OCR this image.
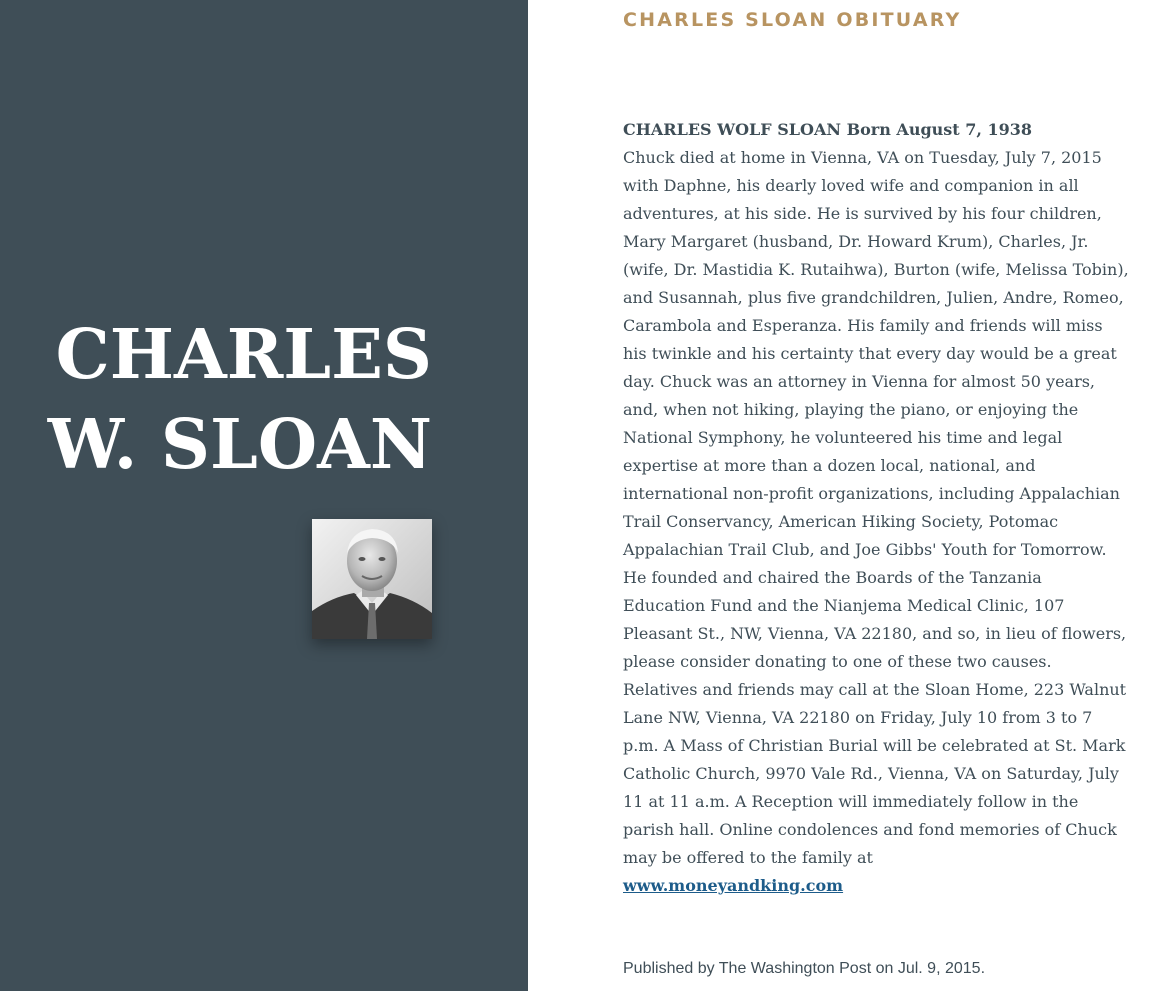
CHARLES
W. SLOAN
CHARLES SLOAN OBITUARY
CHARLES WOLF SLOAN Born August 7, 1938
Chuck died at home in Vienna, VA on Tuesday, July 7, 2015 with Daphne, his dearly loved wife and companion in all adventures, at his side. He is survived by his four children, Mary Margaret (husband, Dr. Howard Krum), Charles, Jr. (wife, Dr. Mastidia K. Rutaihwa), Burton (wife, Melissa Tobin), and Susannah, plus five grandchildren, Julien, Andre, Romeo, Carambola and Esperanza. His family and friends will miss his twinkle and his certainty that every day would be a great day. Chuck was an attorney in Vienna for almost 50 years, and, when not hiking, playing the piano, or enjoying the National Symphony, he volunteered his time and legal expertise at more than a dozen local, national, and international non-profit organizations, including Appalachian Trail Conservancy, American Hiking Society, Potomac Appalachian Trail Club, and Joe Gibbs' Youth for Tomorrow. He founded and chaired the Boards of the Tanzania Education Fund and the Nianjema Medical Clinic, 107 Pleasant St., NW, Vienna, VA 22180, and so, in lieu of flowers, please consider donating to one of these two causes. Relatives and friends may call at the Sloan Home, 223 Walnut Lane NW, Vienna, VA 22180 on Friday, July 10 from 3 to 7 p.m. A Mass of Christian Burial will be celebrated at St. Mark Catholic Church, 9970 Vale Rd., Vienna, VA on Saturday, July 11 at 11 a.m. A Reception will immediately follow in the parish hall. Online condolences and fond memories of Chuck may be offered to the family at
www.moneyandking.com

Published by The Washington Post on Jul. 9, 2015.
